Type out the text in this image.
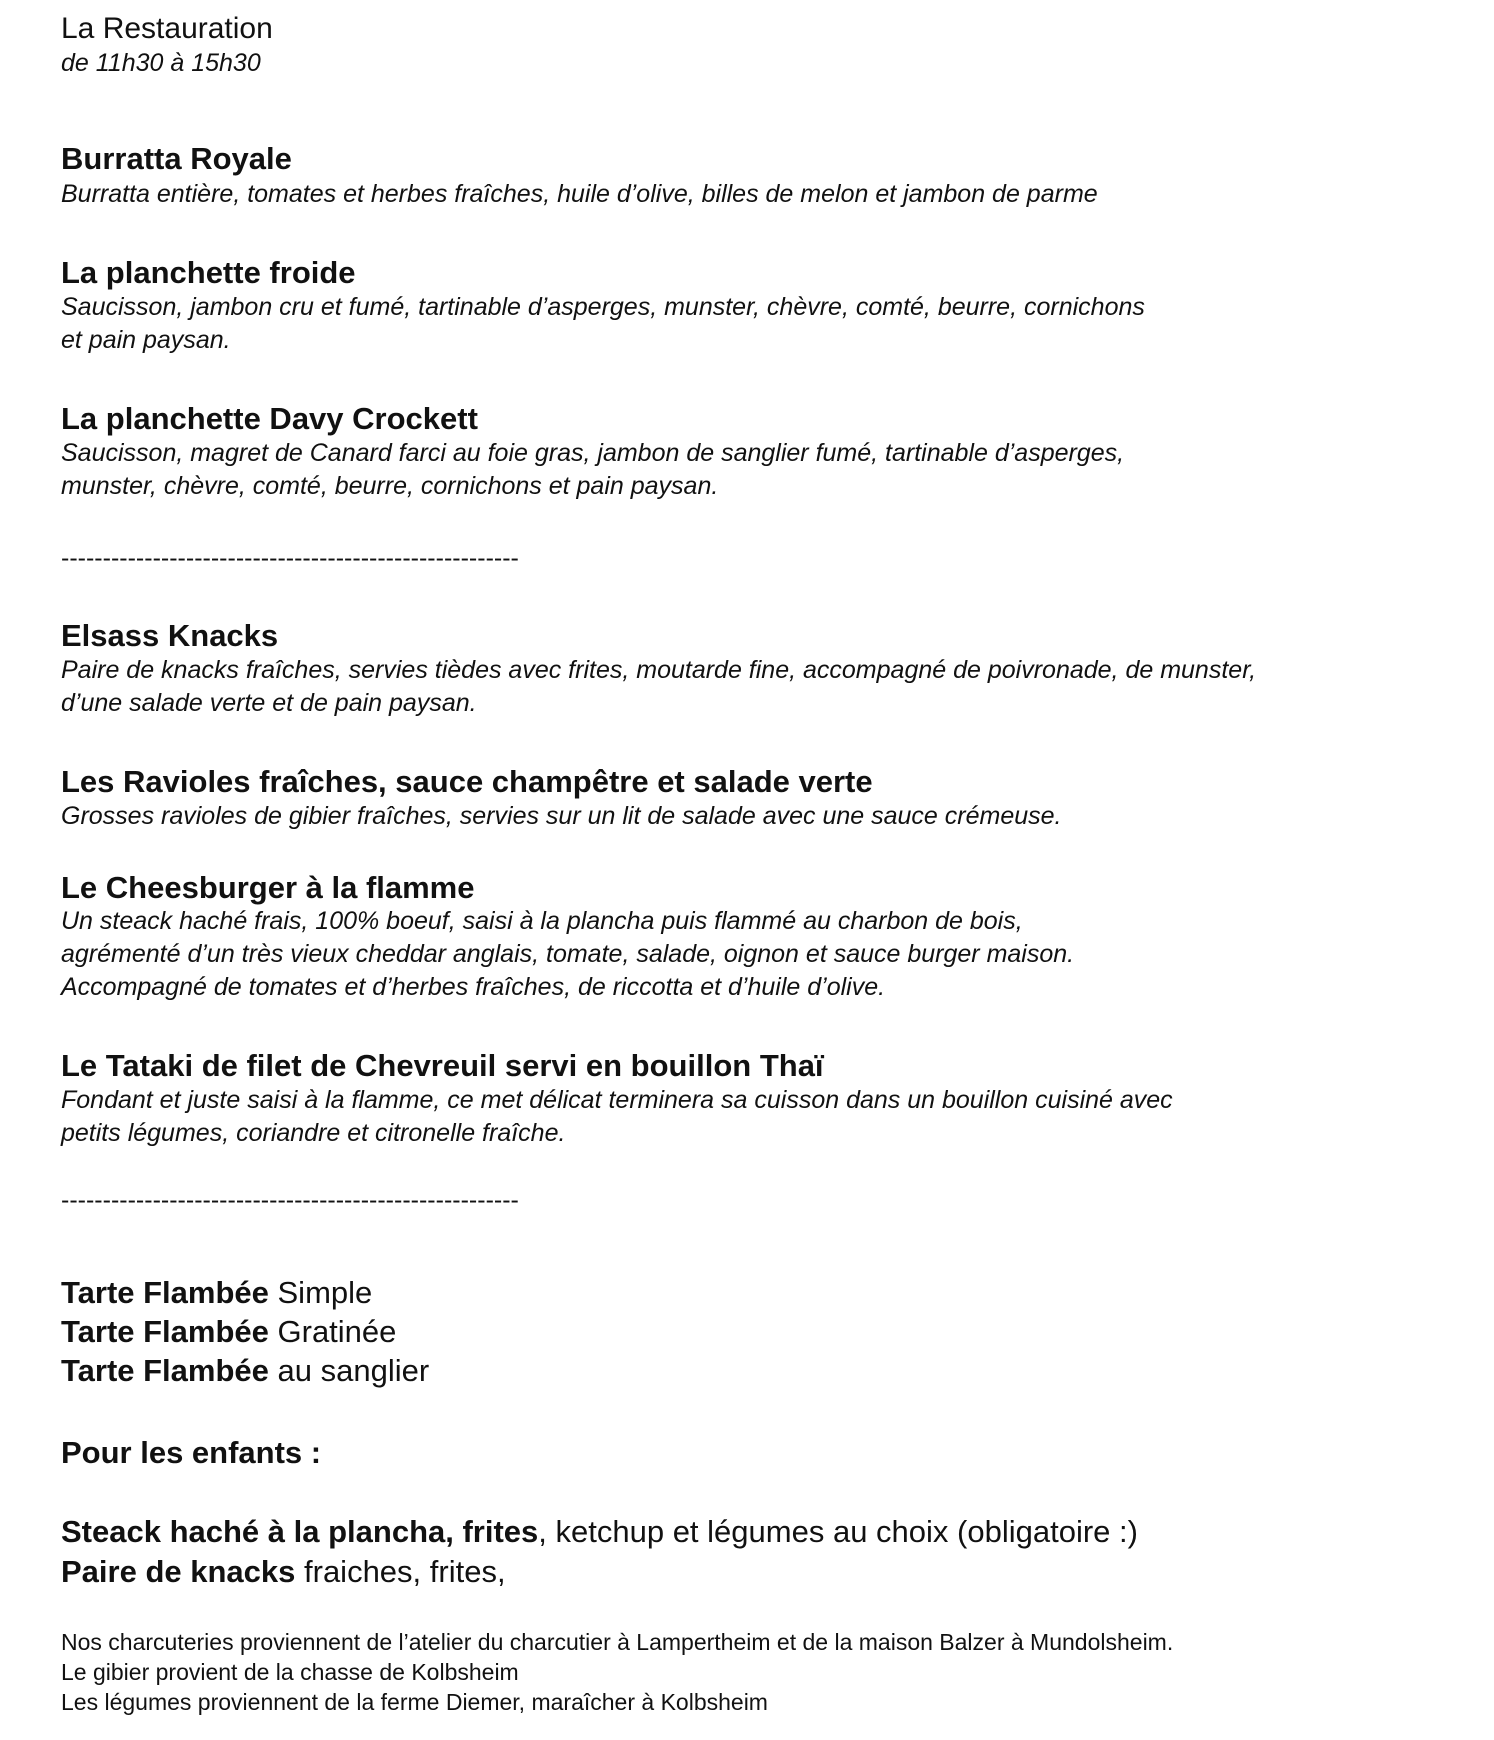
La Restauration
de 11h30 à 15h30
Burratta Royale
Burratta entière, tomates et herbes fraîches, huile d’olive, billes de melon et jambon de parme
La planchette froide
Saucisson, jambon cru et fumé, tartinable d’asperges, munster, chèvre, comté, beurre, cornichons
et pain paysan.
La planchette Davy Crockett
Saucisson, magret de Canard farci au foie gras, jambon de sanglier fumé, tartinable d’asperges,
munster, chèvre, comté, beurre, cornichons et pain paysan.
-------------------------------------------------------
Elsass Knacks
Paire de knacks fraîches, servies tièdes avec frites, moutarde fine, accompagné de poivronade, de munster,
d’une salade verte et de pain paysan.
Les Ravioles fraîches, sauce champêtre et salade verte
Grosses ravioles de gibier fraîches, servies sur un lit de salade avec une sauce crémeuse.
Le Cheesburger à la flamme
Un steack haché frais, 100% boeuf, saisi à la plancha puis flammé au charbon de bois,
agrémenté d’un très vieux cheddar anglais, tomate, salade, oignon et sauce burger maison.
Accompagné de tomates et d’herbes fraîches, de riccotta et d’huile d’olive.
Le Tataki de filet de Chevreuil servi en bouillon Thaï
Fondant et juste saisi à la flamme, ce met délicat terminera sa cuisson dans un bouillon cuisiné avec
petits légumes, coriandre et citronelle fraîche.
-------------------------------------------------------
Tarte Flambée Simple
Tarte Flambée Gratinée
Tarte Flambée au sanglier
Pour les enfants :
Steack haché à la plancha, frites, ketchup et légumes au choix (obligatoire :)
Paire de knacks fraiches, frites,
Nos charcuteries proviennent de l’atelier du charcutier à Lampertheim et de la maison Balzer à Mundolsheim.
Le gibier provient de la chasse de Kolbsheim
Les légumes proviennent de la ferme Diemer, maraîcher à Kolbsheim
